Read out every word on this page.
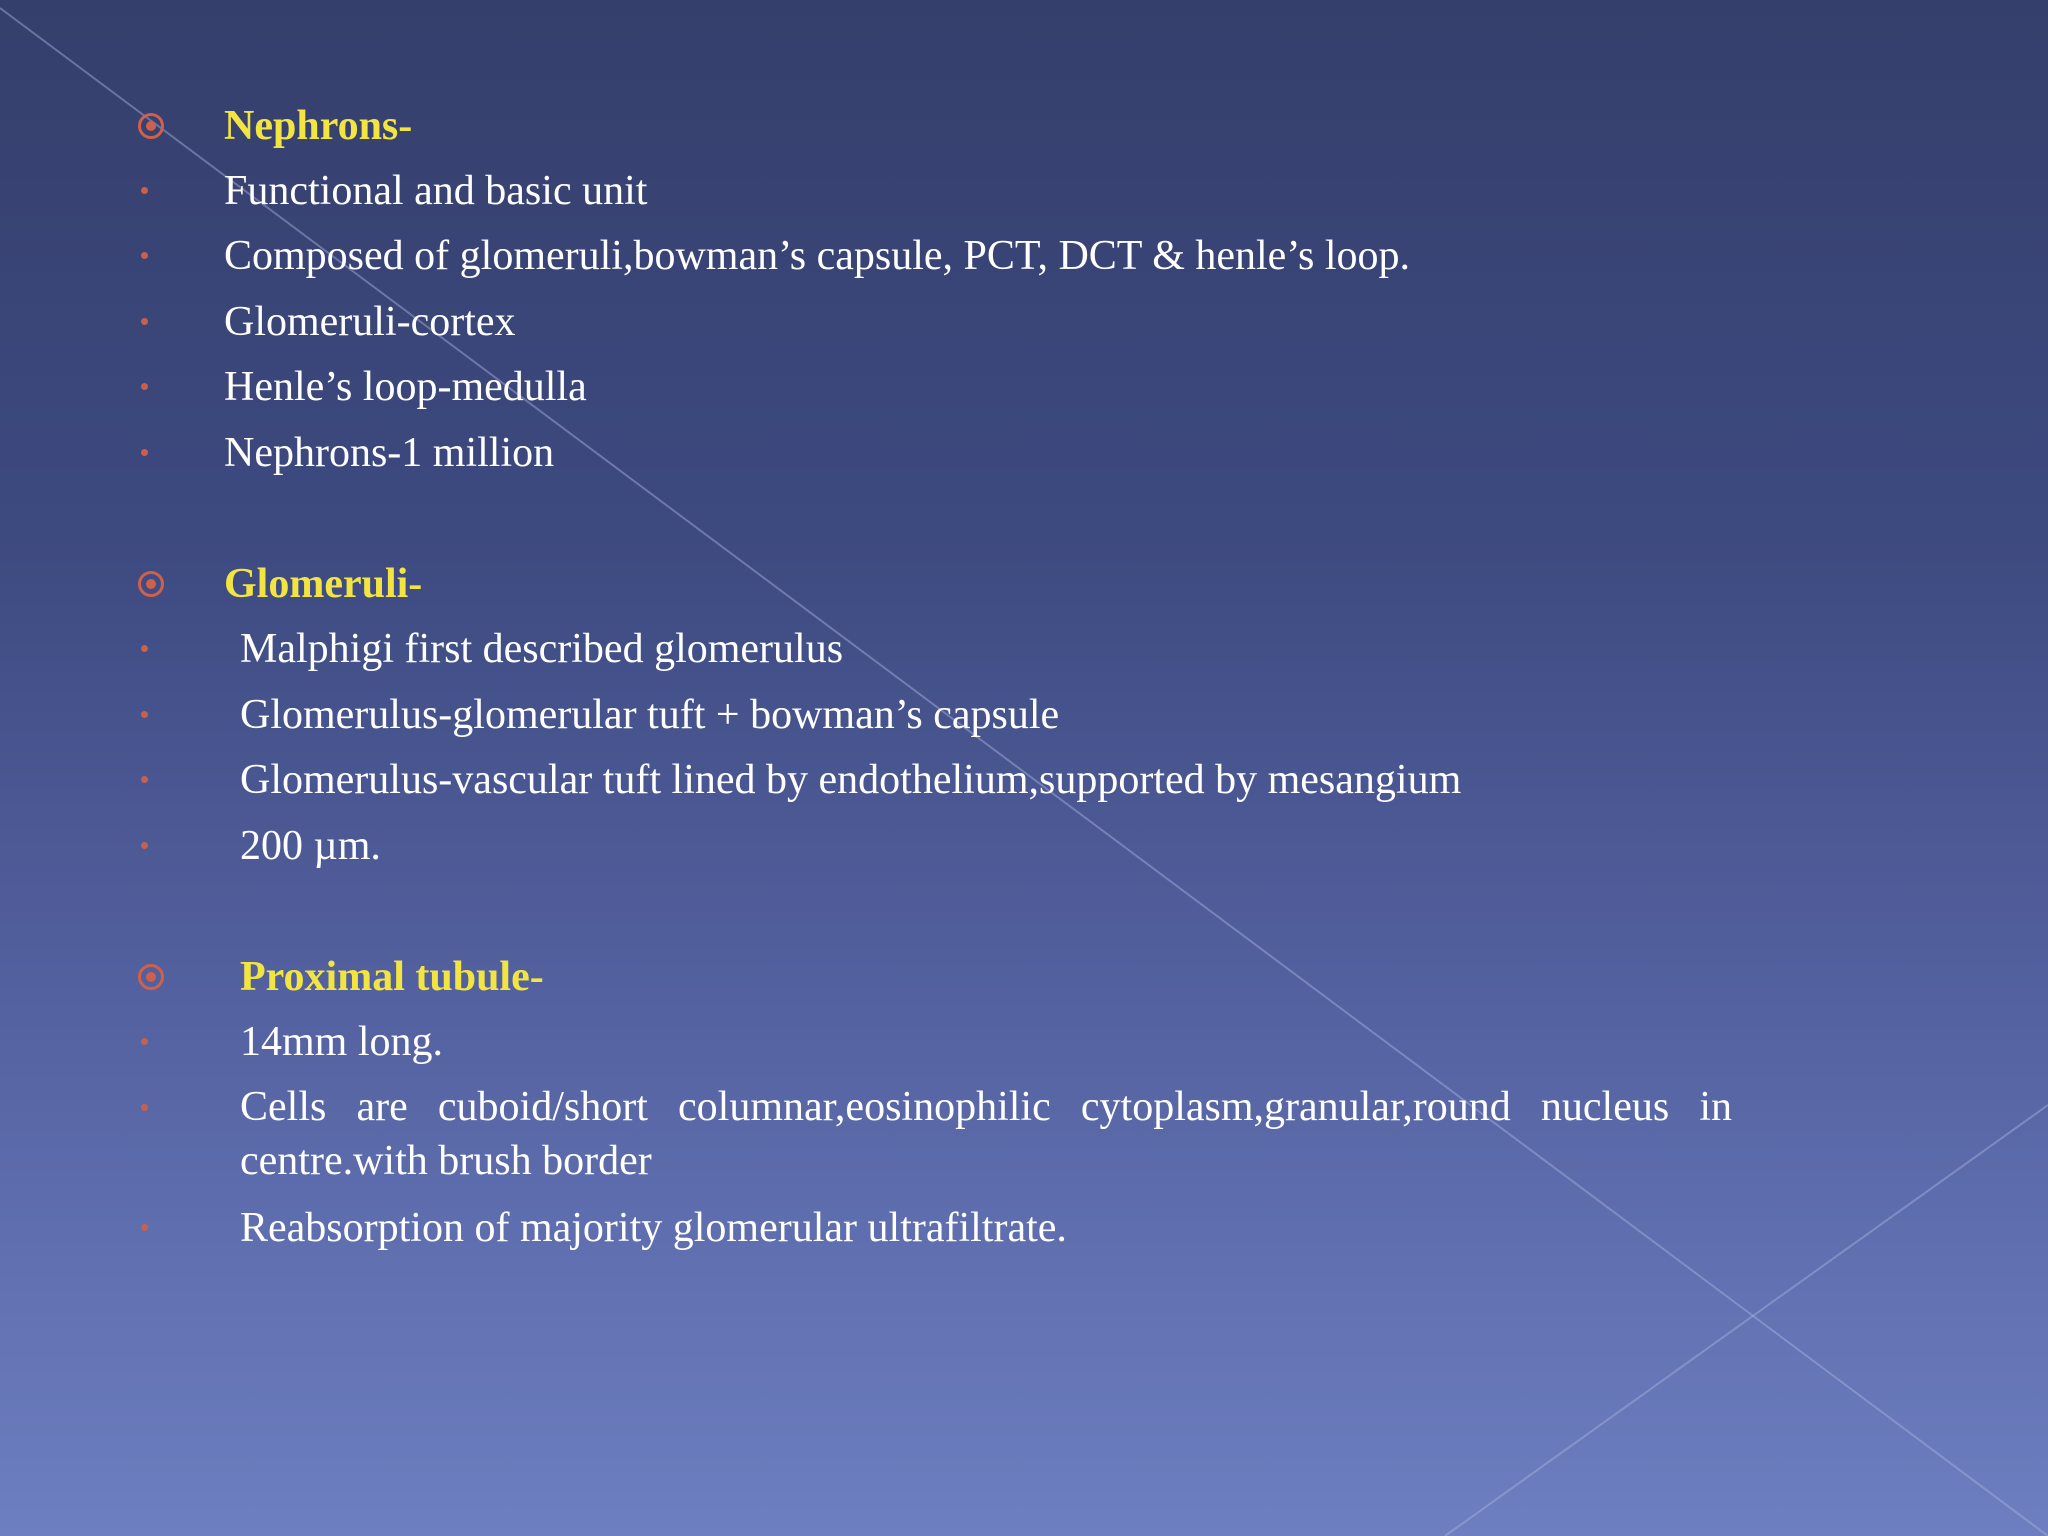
Nephrons-
Functional and basic unit
Composed of glomeruli,bowman’s capsule, PCT, DCT & henle’s loop.
Glomeruli-cortex
Henle’s loop-medulla
Nephrons-1 million
Glomeruli-
Malphigi first described glomerulus
Glomerulus-glomerular tuft + bowman’s capsule
Glomerulus-vascular tuft lined by endothelium,supported by mesangium
200 µm.
Proximal tubule-
14mm long.
Cells are cuboid/short columnar,eosinophilic cytoplasm,granular,round nucleus in centre.with brush border
Reabsorption of majority glomerular ultrafiltrate.
